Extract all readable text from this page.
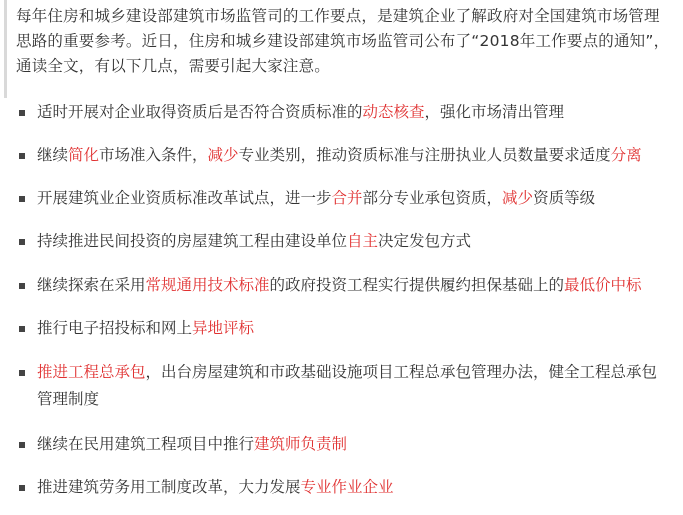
每年住房和城乡建设部建筑市场监管司的工作要点，是建筑企业了解政府对全国建筑市场管理思路的重要参考。近日，住房和城乡建设部建筑市场监管司公布了“2018年工作要点的通知”，通读全文，有以下几点，需要引起大家注意。
适时开展对企业取得资质后是否符合资质标准的动态核查，强化市场清出管理
继续简化市场准入条件，减少专业类别，推动资质标准与注册执业人员数量要求适度分离
开展建筑业企业资质标准改革试点，进一步合并部分专业承包资质，减少资质等级
持续推进民间投资的房屋建筑工程由建设单位自主决定发包方式
继续探索在采用常规通用技术标准的政府投资工程实行提供履约担保基础上的最低价中标
推行电子招投标和网上异地评标
推进工程总承包，出台房屋建筑和市政基础设施项目工程总承包管理办法，健全工程总承包管理制度
继续在民用建筑工程项目中推行建筑师负责制
推进建筑劳务用工制度改革，大力发展专业作业企业
